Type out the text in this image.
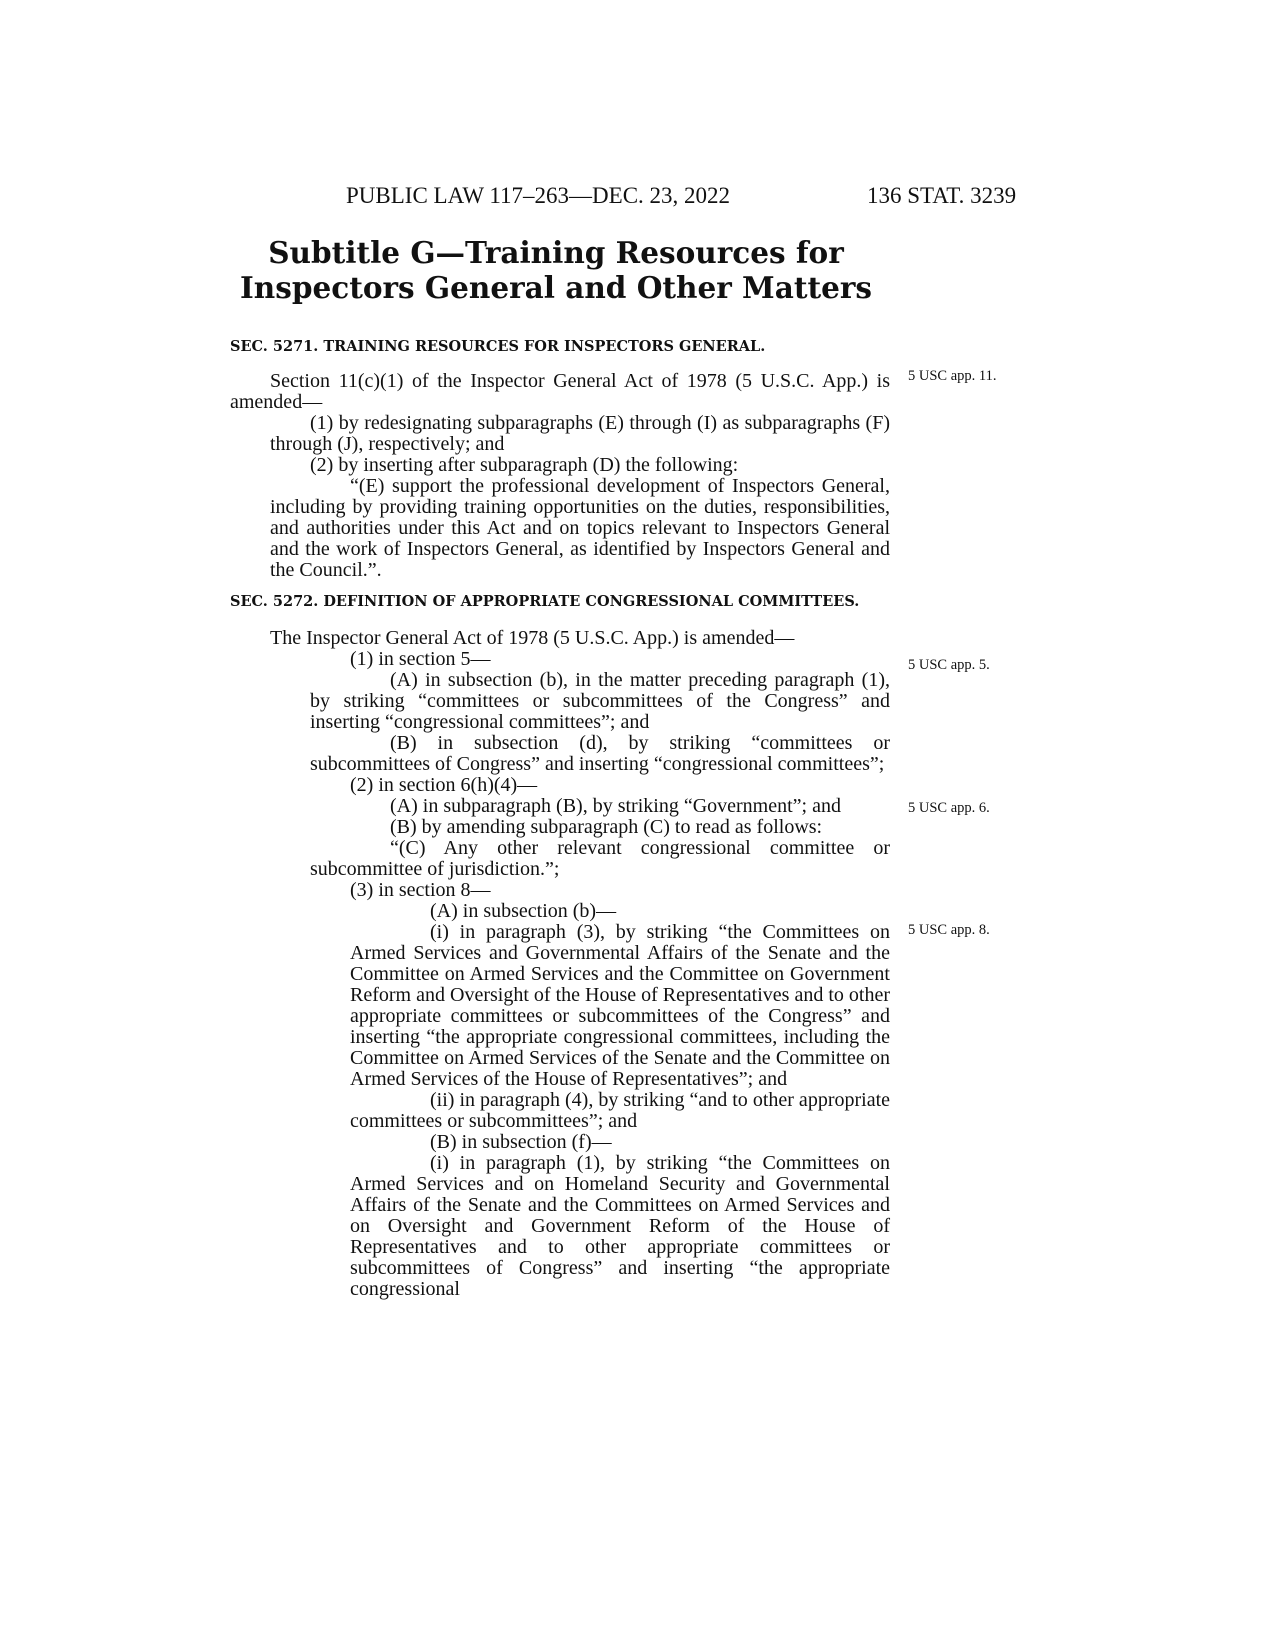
PUBLIC LAW 117–263—DEC. 23, 2022	136 STAT. 3239
Subtitle G—Training Resources for
Inspectors General and Other Matters
SEC. 5271. TRAINING RESOURCES FOR INSPECTORS GENERAL.
Section 11(c)(1) of the Inspector General Act of 1978 (5 U.S.C. App.) is amended—
(1) by redesignating subparagraphs (E) through (I) as subparagraphs (F) through (J), respectively; and
(2) by inserting after subparagraph (D) the following:
“(E) support the professional development of Inspectors General, including by providing training opportunities on the duties, responsibilities, and authorities under this Act and on topics relevant to Inspectors General and the work of Inspectors General, as identified by Inspectors General and the Council.”.
SEC. 5272. DEFINITION OF APPROPRIATE CONGRESSIONAL COMMITTEES.
The Inspector General Act of 1978 (5 U.S.C. App.) is amended—
(1) in section 5—
(A) in subsection (b), in the matter preceding paragraph (1), by striking “committees or subcommittees of the Congress” and inserting “congressional committees”; and
(B) in subsection (d), by striking “committees or subcommittees of Congress” and inserting “congressional committees”;
(2) in section 6(h)(4)—
(A) in subparagraph (B), by striking “Government”; and
(B) by amending subparagraph (C) to read as follows:
“(C) Any other relevant congressional committee or subcommittee of jurisdiction.”;
(3) in section 8—
(A) in subsection (b)—
(i) in paragraph (3), by striking “the Committees on Armed Services and Governmental Affairs of the Senate and the Committee on Armed Services and the Committee on Government Reform and Oversight of the House of Representatives and to other appropriate committees or subcommittees of the Congress” and inserting “the appropriate congressional committees, including the Committee on Armed Services of the Senate and the Committee on Armed Services of the House of Representatives”; and
(ii) in paragraph (4), by striking “and to other appropriate committees or subcommittees”; and
(B) in subsection (f)—
(i) in paragraph (1), by striking “the Committees on Armed Services and on Homeland Security and Governmental Affairs of the Senate and the Committees on Armed Services and on Oversight and Government Reform of the House of Representatives and to other appropriate committees or subcommittees of Congress” and inserting “the appropriate congressional
5 USC app. 11.
5 USC app. 5.
5 USC app. 6.
5 USC app. 8.
